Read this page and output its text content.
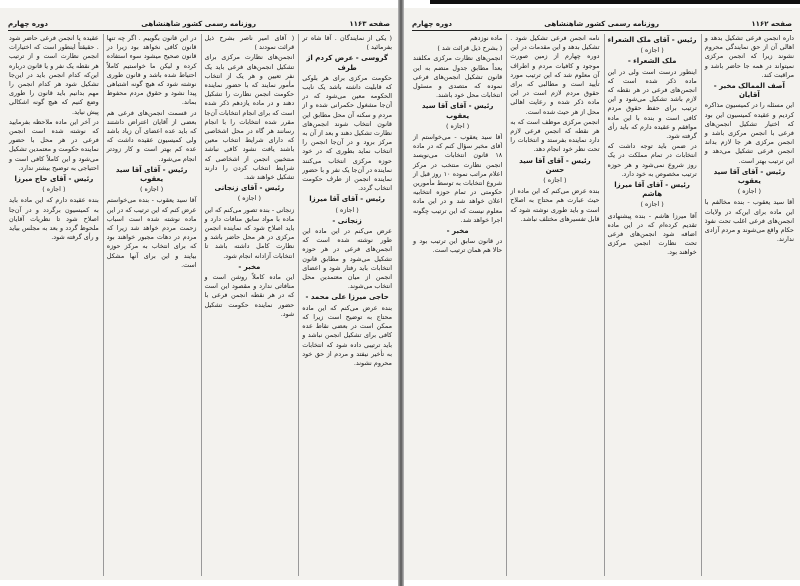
صفحه ۱۱۶۳
روزنامه رسمی کشور شاهنشاهی
دوره چهارم

( یکی از نمایندگان . آقا شاه تر بفرمائید )

گروسی - عرض کردم از طرف

حکومت مرکزی برای هر بلوکی که قابلیت داشته باشد یک نایب الحکومه معین می‌شود که در آن‌جا مشغول حکمرانی شده و از مردم و سکنه آن محل مطابق این قانون انتخاب شوند انجمن‌های نظارت تشکیل دهند و بعد از آن به مرکز برود و در آن‌جا انجمن را انتخاب نماید بطوری که در خود حوزه مرکزی انتخاب می‌کنند نماینده در آن‌جا یک نفر و با حضور نماینده انجمن از طرف حکومت انتخاب گردد.

رئیس - آقای آقا میرزا

( اجازه )

زنجانی -

عرض می‌کنم در این ماده این طور نوشته شده است که انجمن‌های فرعی در هر حوزه تشکیل می‌شود و مطابق قانون انتخابات باید رفتار شود و اعضای انجمن از میان معتمدین محل انتخاب می‌شوند.

حاجی میرزا علی محمد -

بنده عرض می‌کنم که این ماده محتاج به توضیح است زیرا که ممکن است در بعضی نقاط عده کافی برای تشکیل انجمن نباشد و باید ترتیبی داده شود که انتخابات به تأخیر نیفتد و مردم از حق خود محروم نشوند.

( آقای امیر ناصر بشرح ذیل قرائت نمودند )

انجمن‌های نظارت مرکزی برای تشکیل انجمن‌های فرعی باید یک نفر تعیین و هر یک از انتخاب مأمور نمایند که با حضور نماینده حکومت انجمن نظارت را تشکیل دهند و در ماده یازدهم ذکر شده است که برای انجام انتخابات آن‌جا مقرر شده انتخابات را با انجام رسانند هر گاه در محل اشخاصی که دارای شرایط انتخاب معین باشند یافت نشود کافی نباشد منتخبین انجمن از اشخاصی که شرایط انتخاب کردن را دارند تشکیل خواهند شد.

رئیس - آقای زنجانی

( اجازه )

زنجانی - بنده تصور می‌کنم که این ماده با مواد سابق منافات دارد و باید اصلاح شود که نماینده انجمن مرکزی در هر محل حاضر باشد و نظارت کامل داشته باشد تا انتخابات آزادانه انجام شود.

مخبر -

این ماده کاملاً روشن است و منافاتی ندارد و مقصود این است که در هر نقطه انجمن فرعی با حضور نماینده حکومت تشکیل شود.

در این قانون بگوییم . اگر چه تنها قانون کافی نخواهد بود زیرا در قانون صحیح میشود سوء استفاده کرده و لیکن ما خواستیم کاملاً احتیاط شده باشد و قانون طوری نوشته شود که هیچ گونه اشتباهی پیدا نشود و حقوق مردم محفوظ بماند.

در قسمت انجمن‌های فرعی هم بعضی از آقایان اعتراض داشتند که باید عده اعضای آن زیاد باشد ولی کمیسیون عقیده داشت که عده کم بهتر است و کار زودتر انجام می‌شود.

رئیس - آقای آقا سید یعقوب

( اجازه )

آقا سید یعقوب - بنده می‌خواستم عرض کنم که این ترتیب که در این ماده نوشته شده است اسباب زحمت مردم خواهد شد زیرا که مردم در دهات مجبور خواهند بود که برای انتخاب به مرکز حوزه بیایند و این برای آنها مشکل است.

عقیده یا انجمن فرعی حاضر شود . حقیقتاً اینطور است که اختیارات انجمن نظارت است و از ترتیب هر نقطه یک نفر و یا قانون درباره این‌که کدام انجمن باید در این‌جا تشکیل شود هر کدام انجمن را مهم بدانیم باید قانون را طوری وضع کنیم که هیچ گونه اشکالی پیش نیاید.

در آخر این ماده ملاحظه بفرمایید که نوشته شده است انجمن فرعی در هر محل با حضور نماینده حکومت و معتمدین تشکیل می‌شود و این کاملاً کافی است و احتیاجی به توضیح بیشتر ندارد.

رئیس - آقای حاج میرزا

( اجازه )

بنده عقیده دارم که این ماده باید به کمیسیون برگردد و در آن‌جا اصلاح شود تا نظریات آقایان ملحوظ گردد و بعد به مجلس بیاید و رأی گرفته شود.

صفحه ۱۱۶۲
روزنامه رسمی کشور شاهنشاهی
دوره چهارم

داره انجمن فرعی تشکیل بدهد و اهالی آن از حق نمایندگی محروم نشوند زیرا که انجمن مرکزی نمیتواند در همه جا حاضر باشد و مراقبت کند.

آصف الممالک مخبر - آقایان

این مسئله را در کمیسیون مذاکره کردیم و عقیده کمیسیون این بود که اختیار تشکیل انجمن‌های فرعی با انجمن مرکزی باشد و انجمن مرکزی هر جا لازم بداند انجمن فرعی تشکیل می‌دهد و این ترتیب بهتر است.

رئیس - آقای آقا سید یعقوب

( اجازه )

آقا سید یعقوب - بنده مخالفم با این ماده برای این‌که در ولایات انجمن‌های فرعی اغلب تحت نفوذ حکام واقع می‌شوند و مردم آزادی ندارند.

رئیس - آقای ملک الشعراء

( اجازه )

ملک الشعراء -

اینطور درست است ولی در این ماده ذکر شده است که انجمن‌های فرعی در هر نقطه که لازم باشد تشکیل می‌شود و این ترتیب برای حفظ حقوق مردم کافی است و بنده با این ماده موافقم و عقیده دارم که باید رأی گرفته شود.

در ضمن باید توجه داشت که انتخابات در تمام مملکت در یک روز شروع نمی‌شود و هر حوزه ترتیب مخصوص به خود دارد.

رئیس - آقای آقا میرزا هاشم

( اجازه )

آقا میرزا هاشم - بنده پیشنهادی تقدیم کرده‌ام که در این ماده اضافه شود انجمن‌های فرعی تحت نظارت انجمن مرکزی خواهند بود.

نامه انجمن فرعی تشکیل شود . تشکیل بدهد و این مقدمات در این دوره چهارم از زمین صورت موجود و کافیات مردم و اطراف آن معلوم شد که این ترتیب مورد تأیید است و مطالبی که برای حقوق مردم لازم است در این ماده ذکر شده و رعایت اهالی محل از هر حیث شده است.

انجمن مرکزی موظف است که به هر نقطه که انجمن فرعی لازم دارد نماینده بفرستد و انتخابات را تحت نظر خود انجام دهد.

رئیس - آقای آقا سید حسن

( اجازه )

بنده عرض می‌کنم که این ماده از حیث عبارت هم محتاج به اصلاح است و باید طوری نوشته شود که قابل تفسیرهای مختلف نباشد.

ماده نوزدهم

( بشرح ذیل قرائت شد )

انجمن‌های نظارت مرکزی مکلفند بعداً مطابق جدول منضم به این قانون تشکیل انجمن‌های فرعی نموده که متصدی و مسئول انتخابات محل خود باشند.

رئیس - آقای آقا سید یعقوب

( اجازه )

آقا سید یعقوب - می‌خواستم از آقای مخبر سؤال کنم که در ماده ۱۸ قانون انتخابات می‌نویسد انجمن نظارت منتخب در مرکز اعلام مراتب نموده ۱۰ روز قبل از شروع انتخابات به توسط مأمورین حکومتی در تمام حوزه انتخابیه اعلان خواهد شد و در این ماده معلوم نیست که این ترتیب چگونه اجرا خواهد شد.

مخبر -

در قانون سابق این ترتیب بود و حالا هم همان ترتیب است.
